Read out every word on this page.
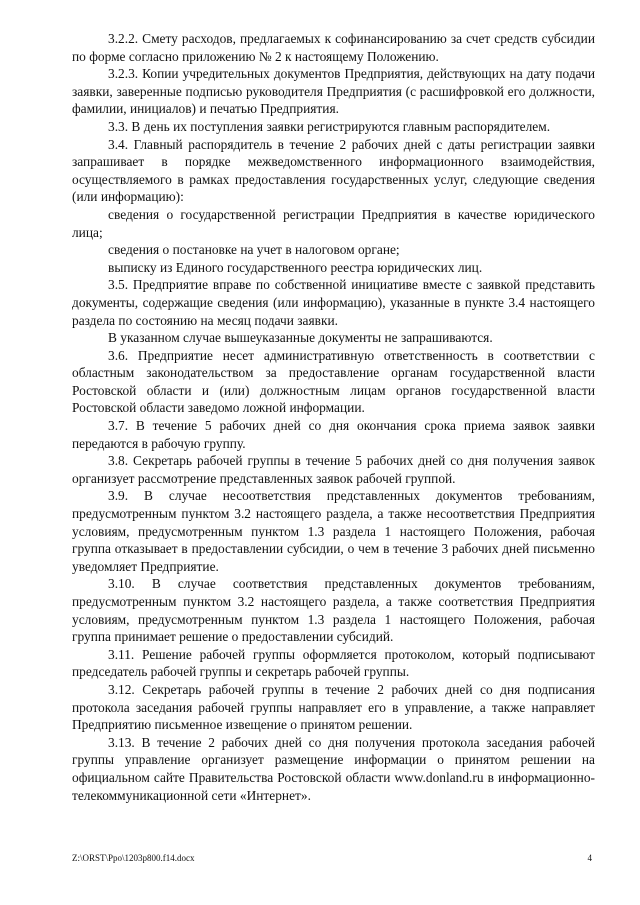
3.2.2. Смету расходов, предлагаемых к софинансированию за счет средств субсидии по форме согласно приложению № 2 к настоящему Положению.

3.2.3. Копии учредительных документов Предприятия, действующих на дату подачи заявки, заверенные подписью руководителя Предприятия (с расшифровкой его должности, фамилии, инициалов) и печатью Предприятия.

3.3. В день их поступления заявки регистрируются главным распорядителем.

3.4. Главный распорядитель в течение 2 рабочих дней с даты регистрации заявки запрашивает в порядке межведомственного информационного взаимодействия, осуществляемого в рамках предоставления государственных услуг, следующие сведения (или информацию):

сведения о государственной регистрации Предприятия в качестве юридического лица;

сведения о постановке на учет в налоговом органе;

выписку из Единого государственного реестра юридических лиц.

3.5. Предприятие вправе по собственной инициативе вместе с заявкой представить документы, содержащие сведения (или информацию), указанные в пункте 3.4 настоящего раздела по состоянию на месяц подачи заявки.

В указанном случае вышеуказанные документы не запрашиваются.

3.6. Предприятие несет административную ответственность в соответствии с областным законодательством за предоставление органам государственной власти Ростовской области и (или) должностным лицам органов государственной власти Ростовской области заведомо ложной информации.

3.7. В течение 5 рабочих дней со дня окончания срока приема заявок заявки передаются в рабочую группу.

3.8. Секретарь рабочей группы в течение 5 рабочих дней со дня получения заявок организует рассмотрение представленных заявок рабочей группой.

3.9. В случае несоответствия представленных документов требованиям, предусмотренным пунктом 3.2 настоящего раздела, а также несоответствия Предприятия условиям, предусмотренным пунктом 1.3 раздела 1 настоящего Положения, рабочая группа отказывает в предоставлении субсидии, о чем в течение 3 рабочих дней письменно уведомляет Предприятие.

3.10. В случае соответствия представленных документов требованиям, предусмотренным пунктом 3.2 настоящего раздела, а также соответствия Предприятия условиям, предусмотренным пунктом 1.3 раздела 1 настоящего Положения, рабочая группа принимает решение о предоставлении субсидий.

3.11. Решение рабочей группы оформляется протоколом, который подписывают председатель рабочей группы и секретарь рабочей группы.

3.12. Секретарь рабочей группы в течение 2 рабочих дней со дня подписания протокола заседания рабочей группы направляет его в управление, а также направляет Предприятию письменное извещение о принятом решении.

3.13. В течение 2 рабочих дней со дня получения протокола заседания рабочей группы управление организует размещение информации о принятом решении на официальном сайте Правительства Ростовской области www.donland.ru в информационно-телекоммуникационной сети «Интернет».

Z:\ORST\Ppo\1203p800.f14.docx	4
